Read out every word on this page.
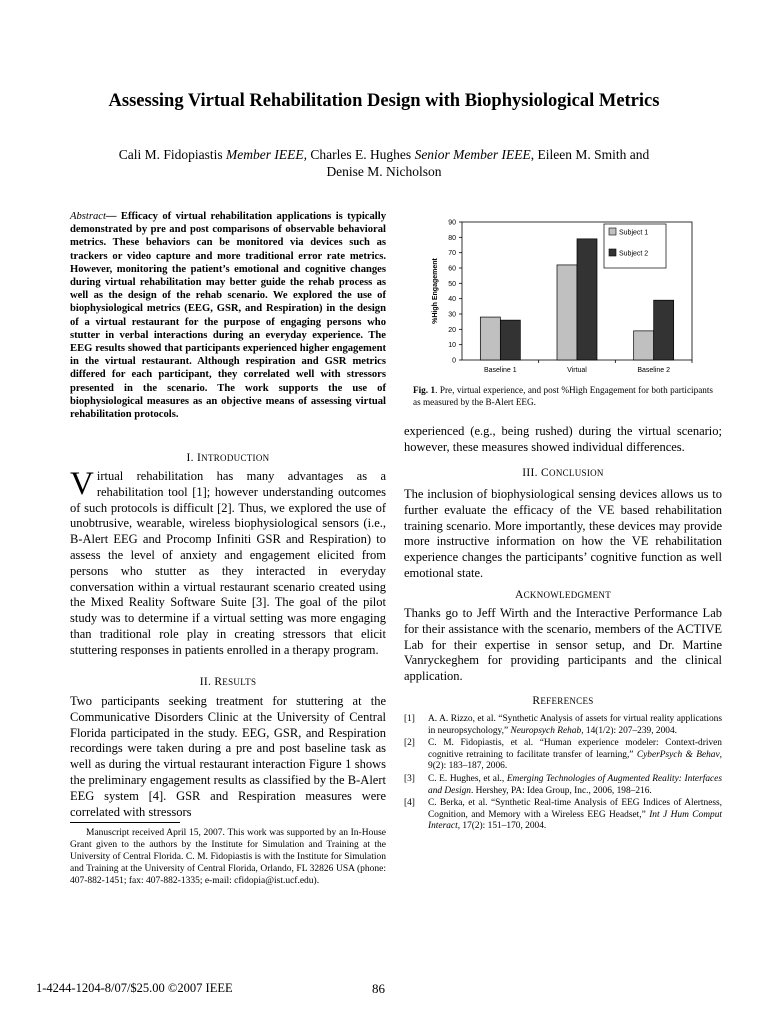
Assessing Virtual Rehabilitation Design with Biophysiological Metrics
Cali M. Fidopiastis Member IEEE, Charles E. Hughes Senior Member IEEE, Eileen M. Smith and
Denise M. Nicholson
Abstract— Efficacy of virtual rehabilitation applications is typically demonstrated by pre and post comparisons of observable behavioral metrics. These behaviors can be monitored via devices such as trackers or video capture and more traditional error rate metrics. However, monitoring the patient’s emotional and cognitive changes during virtual rehabilitation may better guide the rehab process as well as the design of the rehab scenario. We explored the use of biophysiological metrics (EEG, GSR, and Respiration) in the design of a virtual restaurant for the purpose of engaging persons who stutter in verbal interactions during an everyday experience. The EEG results showed that participants experienced higher engagement in the virtual restaurant. Although respiration and GSR metrics differed for each participant, they correlated well with stressors presented in the scenario. The work supports the use of biophysiological measures as an objective means of assessing virtual rehabilitation protocols.
I. INTRODUCTION
Virtual rehabilitation has many advantages as a rehabilitation tool [1]; however understanding outcomes of such protocols is difficult [2]. Thus, we explored the use of unobtrusive, wearable, wireless biophysiological sensors (i.e., B-Alert EEG and Procomp Infiniti GSR and Respiration) to assess the level of anxiety and engagement elicited from persons who stutter as they interacted in everyday conversation within a virtual restaurant scenario created using the Mixed Reality Software Suite [3]. The goal of the pilot study was to determine if a virtual setting was more engaging than traditional role play in creating stressors that elicit stuttering responses in patients enrolled in a therapy program.
II. RESULTS
Two participants seeking treatment for stuttering at the Communicative Disorders Clinic at the University of Central Florida participated in the study. EEG, GSR, and Respiration recordings were taken during a pre and post baseline task as well as during the virtual restaurant interaction Figure 1 shows the preliminary engagement results as classified by the B-Alert EEG system [4]. GSR and Respiration measures were correlated with stressors
Manuscript received April 15, 2007. This work was supported by an In-House Grant given to the authors by the Institute for Simulation and Training at the University of Central Florida. C. M. Fidopiastis is with the Institute for Simulation and Training at the University of Central Florida, Orlando, FL 32826 USA (phone: 407-882-1451; fax: 407-882-1335; e-mail: cfidopia@ist.ucf.edu).
1-4244-1204-8/07/$25.00 ©2007 IEEE	86
0
10
20
30
40
50
60
70
80
90
%High Engagement
Baseline 1	Virtual	Baseline 2
Subject 1
Subject 2
Fig. 1. Pre, virtual experience, and post %High Engagement for both participants as measured by the B-Alert EEG.
experienced (e.g., being rushed) during the virtual scenario; however, these measures showed individual differences.
III. CONCLUSION
The inclusion of biophysiological sensing devices allows us to further evaluate the efficacy of the VE based rehabilitation training scenario. More importantly, these devices may provide more instructive information on how the VE rehabilitation experience changes the participants’ cognitive function as well emotional state.
ACKNOWLEDGMENT
Thanks go to Jeff Wirth and the Interactive Performance Lab for their assistance with the scenario, members of the ACTIVE Lab for their expertise in sensor setup, and Dr. Martine Vanryckeghem for providing participants and the clinical application.
REFERENCES
[1]	A. A. Rizzo, et al. “Synthetic Analysis of assets for virtual reality applications in neuropsychology,” Neuropsych Rehab, 14(1/2): 207–239, 2004.
[2]	C. M. Fidopiastis, et al. “Human experience modeler: Context-driven cognitive retraining to facilitate transfer of learning,” CyberPsych & Behav, 9(2): 183–187, 2006.
[3]	C. E. Hughes, et al., Emerging Technologies of Augmented Reality: Interfaces and Design. Hershey, PA: Idea Group, Inc., 2006, 198–216.
[4]	C. Berka, et al. “Synthetic Real-time Analysis of EEG Indices of Alertness, Cognition, and Memory with a Wireless EEG Headset,” Int J Hum Comput Interact, 17(2): 151–170, 2004.
